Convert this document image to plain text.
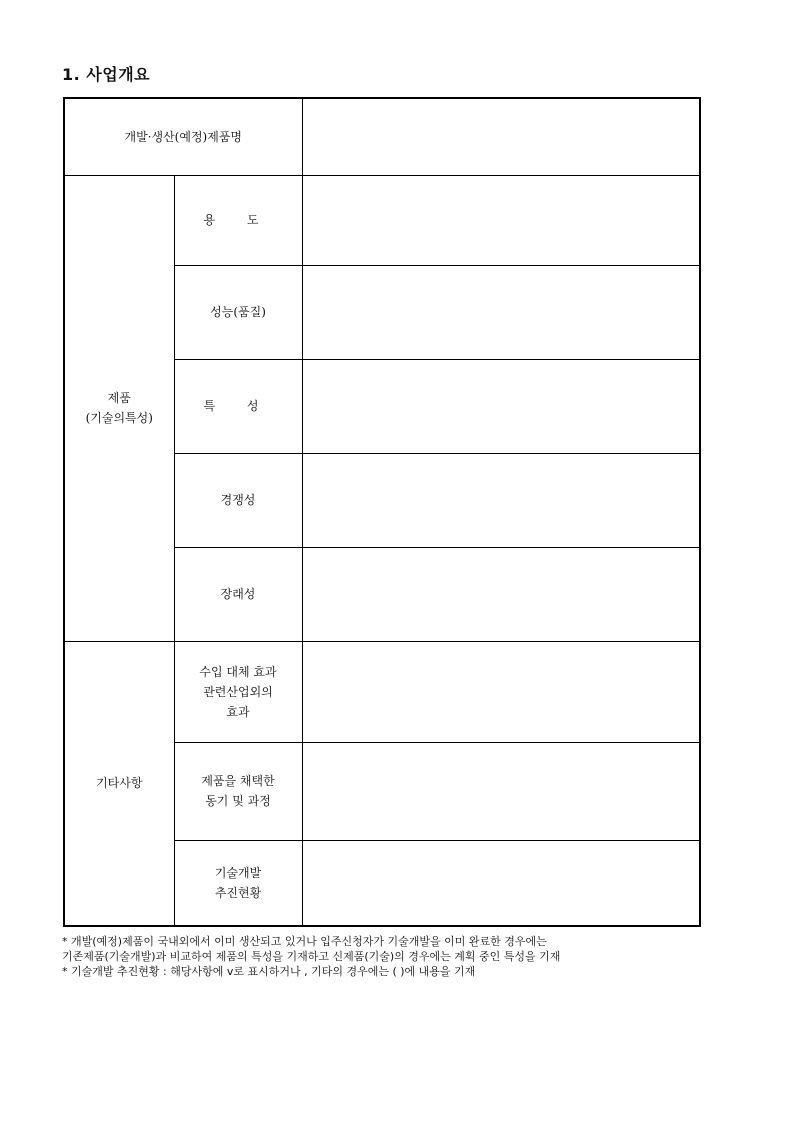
1. 사업개요
개발·생산(예정)제품명		
제품
(기술의특성)	용 도	
	성능(품질)	
	특 성	
	경쟁성	
	장래성	
기타사항	수입 대체 효과
관련산업외의
효과	
	제품을 채택한
동기 및 과정	
	기술개발
추진현황	
* 개발(예정)제품이 국내외에서 이미 생산되고 있거나 입주신청자가 기술개발을 이미 완료한 경우에는
기존제품(기술개발)과 비교하여 제품의 특성을 기재하고 신제품(기술)의 경우에는 계획 중인 특성을 기재
* 기술개발 추진현황 : 해당사항에 v로 표시하거나 , 기타의 경우에는 ( )에 내용을 기재
